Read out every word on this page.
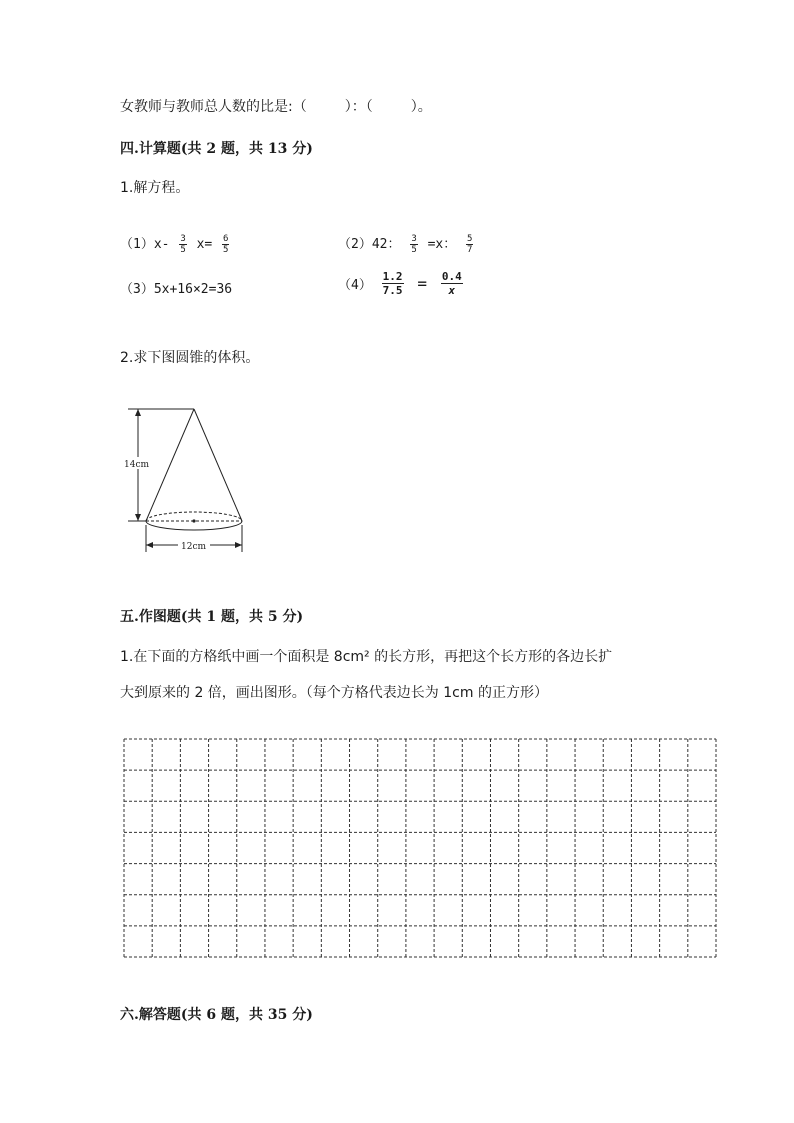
女教师与教师总人数的比是:（	）：（	）。
四.计算题(共 2 题，共 13 分)
1.解方程。
$(1)x- \frac{3}{5} x= \frac{6}{5}$	（2）42： $\frac{3}{5} =x$： $\frac{5}{7}$
（3）5x+16×2=36	$(4) \frac{1.2}{7.5} = \frac{0.4}{x}$
2.求下图圆锥的体积。
14cm
12cm
五.作图题(共 1 题，共 5 分)
1.在下面的方格纸中画一个面积是 8cm² 的长方形，再把这个长方形的各边长扩
大到原来的 2 倍，画出图形。（每个方格代表边长为 1cm 的正方形）
六.解答题(共 6 题，共 35 分)
